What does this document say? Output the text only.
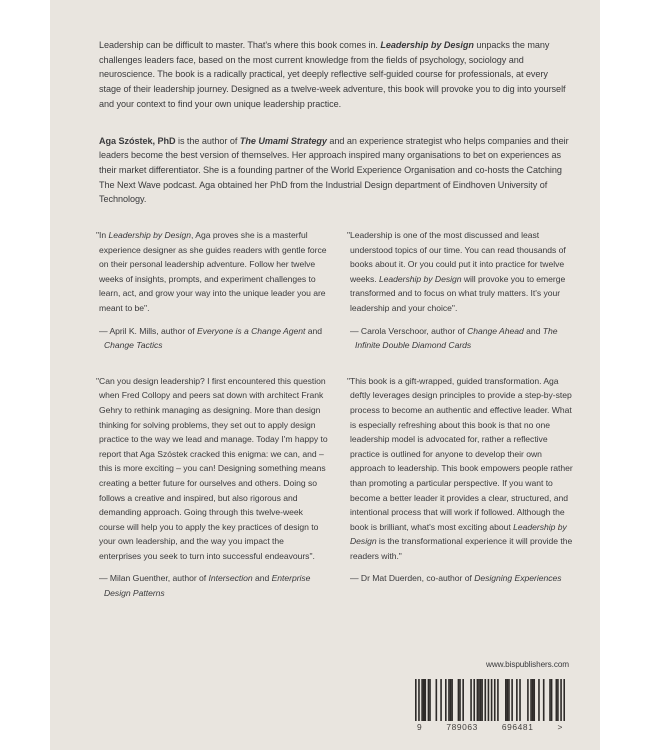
Leadership can be difficult to master. That's where this book comes in. Leadership by Design unpacks the many challenges leaders face, based on the most current knowledge from the fields of psychology, sociology and neuroscience. The book is a radically practical, yet deeply reflective self-guided course for professionals, at every stage of their leadership journey. Designed as a twelve-week adventure, this book will provoke you to dig into yourself and your context to find your own unique leadership practice.

Aga Szóstek, PhD is the author of The Umami Strategy and an experience strategist who helps companies and their leaders become the best version of themselves. Her approach inspired many organisations to bet on experiences as their market differentiator. She is a founding partner of the World Experience Organisation and co-hosts the Catching The Next Wave podcast. Aga obtained her PhD from the Industrial Design department of Eindhoven University of Technology.

"In Leadership by Design, Aga proves she is a masterful experience designer as she guides readers with gentle force on their personal leadership adventure. Follow her twelve weeks of insights, prompts, and experiment challenges to learn, act, and grow your way into the unique leader you are meant to be".

— April K. Mills, author of Everyone is a Change Agent and Change Tactics

"Can you design leadership? I first encountered this question when Fred Collopy and peers sat down with architect Frank Gehry to rethink managing as designing. More than design thinking for solving problems, they set out to apply design practice to the way we lead and manage. Today I'm happy to report that Aga Szóstek cracked this enigma: we can, and – this is more exciting – you can! Designing something means creating a better future for ourselves and others. Doing so follows a creative and inspired, but also rigorous and demanding approach. Going through this twelve-week course will help you to apply the key practices of design to your own leadership, and the way you impact the enterprises you seek to turn into successful endeavours".

— Milan Guenther, author of Intersection and Enterprise Design Patterns

"Leadership is one of the most discussed and least understood topics of our time. You can read thousands of books about it. Or you could put it into practice for twelve weeks. Leadership by Design will provoke you to emerge transformed and to focus on what truly matters. It's your leadership and your choice".

— Carola Verschoor, author of Change Ahead and The Infinite Double Diamond Cards

"This book is a gift-wrapped, guided transformation. Aga deftly leverages design principles to provide a step-by-step process to become an authentic and effective leader. What is especially refreshing about this book is that no one leadership model is advocated for, rather a reflective practice is outlined for anyone to develop their own approach to leadership. This book empowers people rather than promoting a particular perspective. If you want to become a better leader it provides a clear, structured, and intentional process that will work if followed. Although the book is brilliant, what's most exciting about Leadership by Design is the transformational experience it will provide the readers with."

— Dr Mat Duerden, co-author of Designing Experiences

www.bispublishers.com
9	789063	696481	>
